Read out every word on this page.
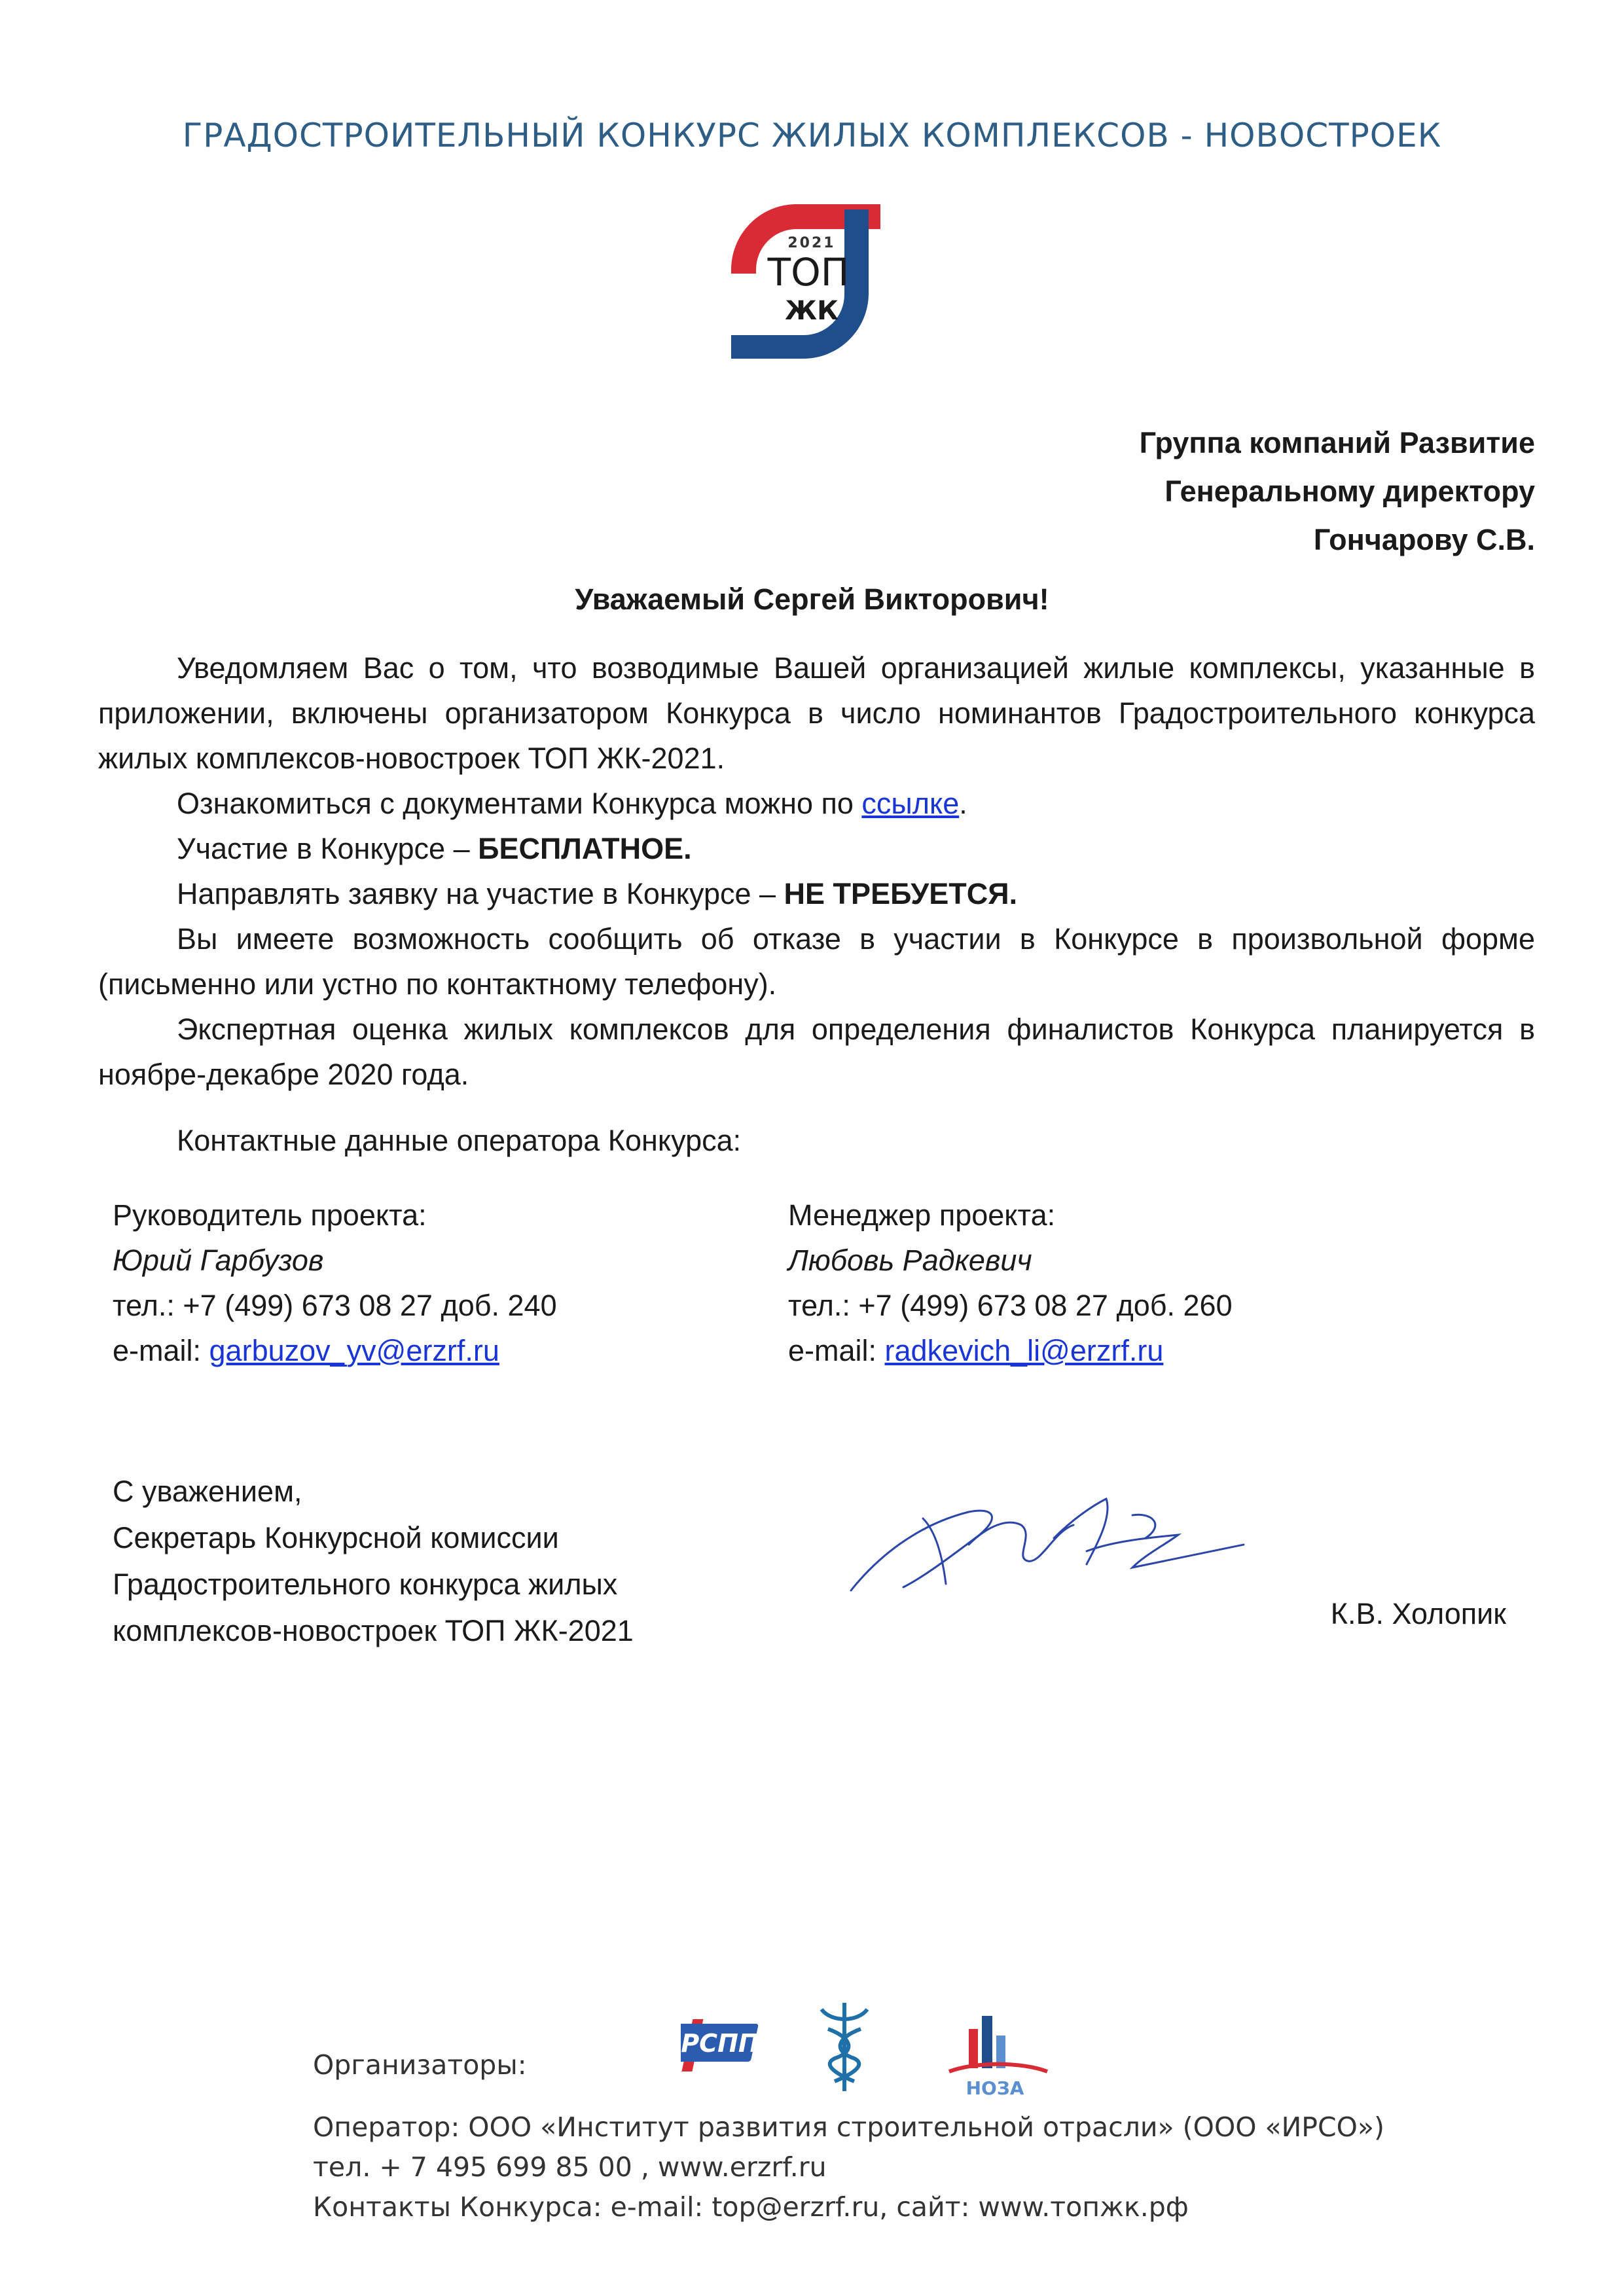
ГРАДОСТРОИТЕЛЬНЫЙ КОНКУРС ЖИЛЫХ КОМПЛЕКСОВ - НОВОСТРОЕК
2021
ТОП
ЖК
Группа компаний Развитие
Генеральному директору
Гончарову С.В.
Уважаемый Сергей Викторович!

Уведомляем Вас о том, что возводимые Вашей организацией жилые комплексы, указанные в приложении, включены организатором Конкурса в число номинантов Градостроительного конкурса жилых комплексов-новостроек ТОП ЖК-2021.

Ознакомиться с документами Конкурса можно по ссылке.

Участие в Конкурсе – БЕСПЛАТНОЕ.

Направлять заявку на участие в Конкурсе – НЕ ТРЕБУЕТСЯ.

Вы имеете возможность сообщить об отказе в участии в Конкурсе в произвольной форме (письменно или устно по контактному телефону).

Экспертная оценка жилых комплексов для определения финалистов Конкурса планируется в ноябре-декабре 2020 года.

Контактные данные оператора Конкурса:
Руководитель проекта:
Юрий Гарбузов
тел.: +7 (499) 673 08 27 доб. 240
e-mail: garbuzov_yv@erzrf.ru
Менеджер проекта:
Любовь Радкевич
тел.: +7 (499) 673 08 27 доб. 260
e-mail: radkevich_li@erzrf.ru
С уважением,
Секретарь Конкурсной комиссии
Градостроительного конкурса жилых
комплексов-новостроек ТОП ЖК-2021
К.В. Холопик
Организаторы:
РСПП
НОЗА
Оператор: ООО «Институт развития строительной отрасли» (ООО «ИРСО»)
тел. + 7 495 699 85 00 , www.erzrf.ru
Контакты Конкурса: e-mail: top@erzrf.ru, сайт: www.топжк.рф
